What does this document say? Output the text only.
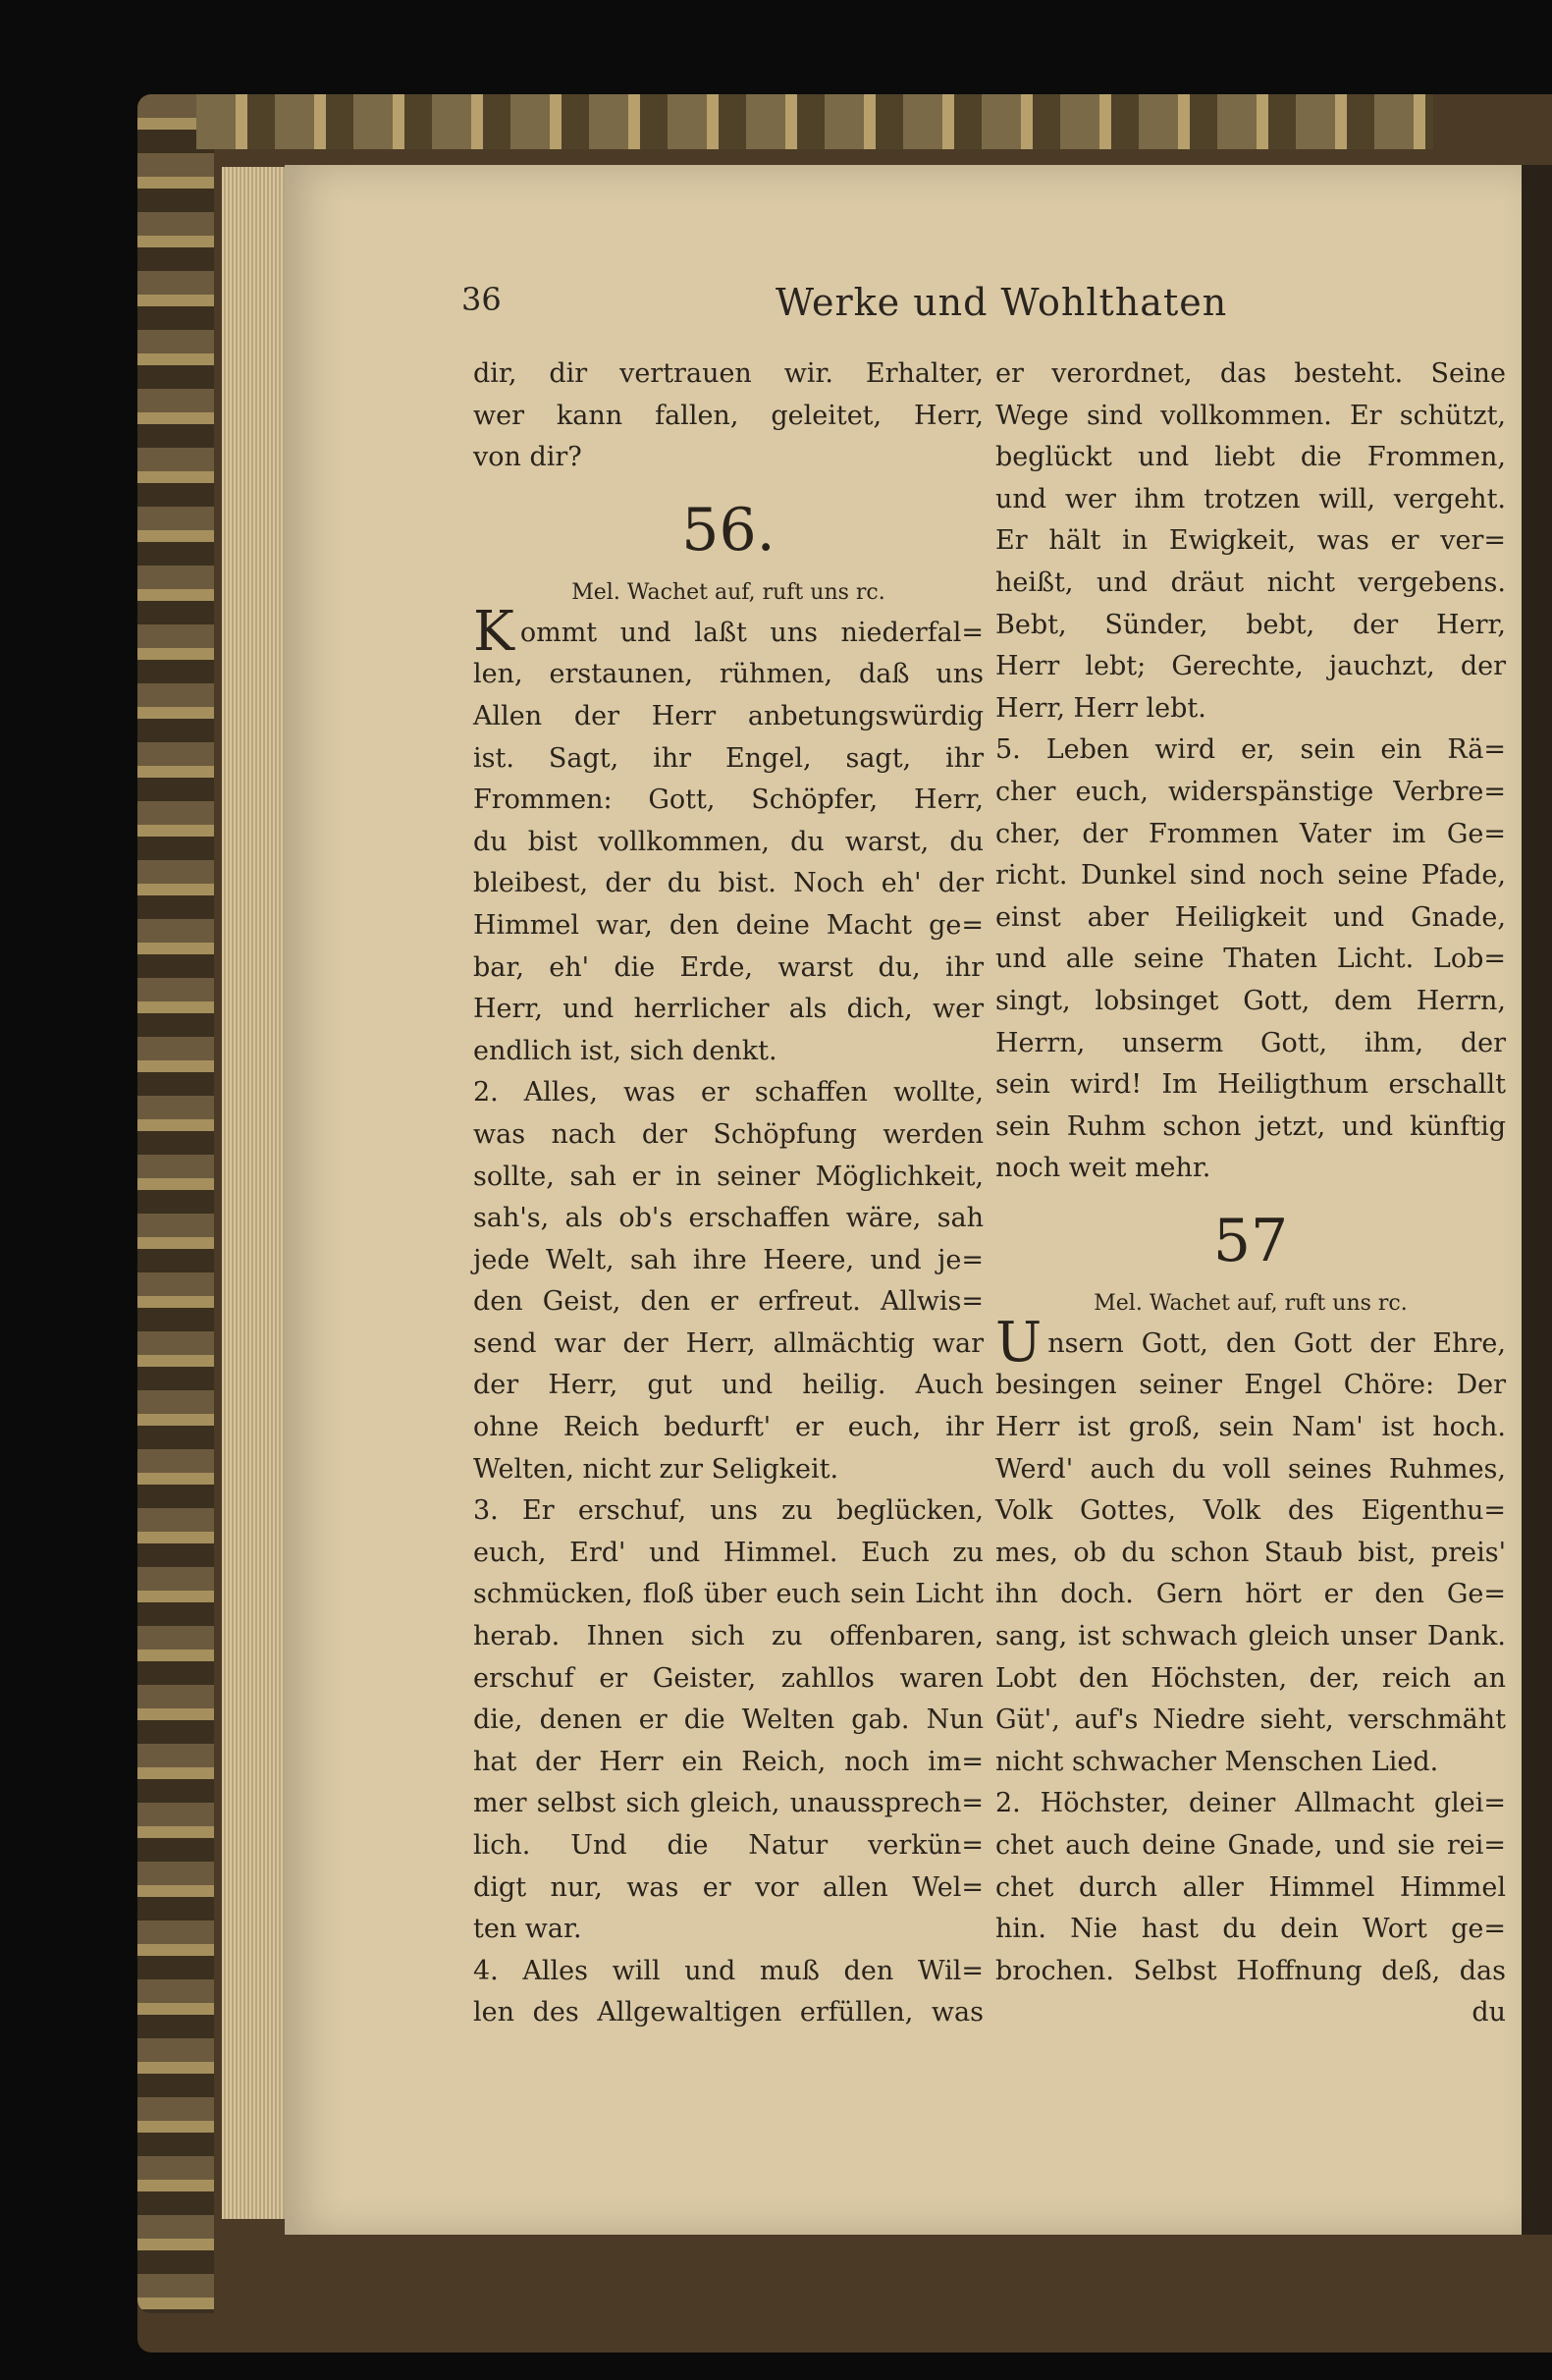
36	Werke und Wohlthaten
dir, dir vertrauen wir. Erhalter,
wer kann fallen, geleitet, Herr,
von dir?
56.
Mel. Wachet auf, ruft uns rc.
K ommt und laßt uns niederfal=
len, erstaunen, rühmen, daß uns
Allen der Herr anbetungswürdig
ist. Sagt, ihr Engel, sagt, ihr
Frommen: Gott, Schöpfer, Herr,
du bist vollkommen, du warst, du
bleibest, der du bist. Noch eh' der
Himmel war, den deine Macht ge=
bar, eh' die Erde, warst du, ihr
Herr, und herrlicher als dich, wer
endlich ist, sich denkt.
2. Alles, was er schaffen wollte,
was nach der Schöpfung werden
sollte, sah er in seiner Möglichkeit,
sah's, als ob's erschaffen wäre, sah
jede Welt, sah ihre Heere, und je=
den Geist, den er erfreut. Allwis=
send war der Herr, allmächtig war
der Herr, gut und heilig. Auch
ohne Reich bedurft' er euch, ihr
Welten, nicht zur Seligkeit.
3. Er erschuf, uns zu beglücken,
euch, Erd' und Himmel. Euch zu
schmücken, floß über euch sein Licht
herab. Ihnen sich zu offenbaren,
erschuf er Geister, zahllos waren
die, denen er die Welten gab. Nun
hat der Herr ein Reich, noch im=
mer selbst sich gleich, unaussprech=
lich. Und die Natur verkün=
digt nur, was er vor allen Wel=
ten war.
4. Alles will und muß den Wil=
len des Allgewaltigen erfüllen, was
er verordnet, das besteht. Seine
Wege sind vollkommen. Er schützt,
beglückt und liebt die Frommen,
und wer ihm trotzen will, vergeht.
Er hält in Ewigkeit, was er ver=
heißt, und dräut nicht vergebens.
Bebt, Sünder, bebt, der Herr,
Herr lebt; Gerechte, jauchzt, der
Herr, Herr lebt.
5. Leben wird er, sein ein Rä=
cher euch, widerspänstige Verbre=
cher, der Frommen Vater im Ge=
richt. Dunkel sind noch seine Pfade,
einst aber Heiligkeit und Gnade,
und alle seine Thaten Licht. Lob=
singt, lobsinget Gott, dem Herrn,
Herrn, unserm Gott, ihm, der
sein wird! Im Heiligthum erschallt
sein Ruhm schon jetzt, und künftig
noch weit mehr.
57
Mel. Wachet auf, ruft uns rc.
U nsern Gott, den Gott der Ehre,
besingen seiner Engel Chöre: Der
Herr ist groß, sein Nam' ist hoch.
Werd' auch du voll seines Ruhmes,
Volk Gottes, Volk des Eigenthu=
mes, ob du schon Staub bist, preis'
ihn doch. Gern hört er den Ge=
sang, ist schwach gleich unser Dank.
Lobt den Höchsten, der, reich an
Güt', auf's Niedre sieht, verschmäht
nicht schwacher Menschen Lied.
2. Höchster, deiner Allmacht glei=
chet auch deine Gnade, und sie rei=
chet durch aller Himmel Himmel
hin. Nie hast du dein Wort ge=
brochen. Selbst Hoffnung deß, das
du
